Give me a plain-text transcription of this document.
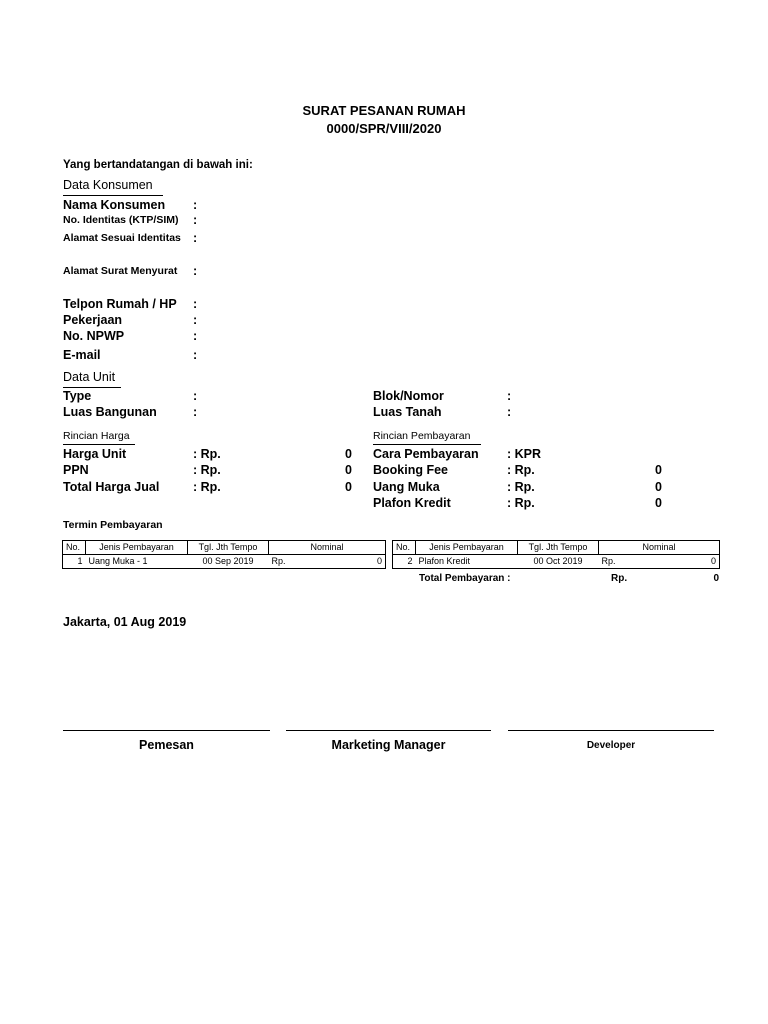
SURAT PESANAN RUMAH
0000/SPR/VIII/2020
Yang bertandatangan di bawah ini:
Data Konsumen
Nama Konsumen :
No. Identitas (KTP/SIM) :
Alamat Sesuai Identitas :
Alamat Surat Menyurat :
Telpon Rumah / HP :
Pekerjaan	:
No. NPWP	:
E-mail	:
Data Unit
Type	:
Luas Bangunan	:
Blok/Nomor	:
Luas Tanah	:
Rincian Harga
Harga Unit	: Rp.	0
PPN	: Rp.	0
Total Harga Jual	: Rp.	0
Rincian Pembayaran
Cara Pembayaran : KPR
Booking Fee	: Rp.	0
Uang Muka	: Rp.	0
Plafon Kredit	: Rp.	0
Termin Pembayaran
No.	Jenis Pembayaran	Tgl. Jth Tempo	Nominal	
1	Uang Muka - 1	00 Sep 2019	Rp.	0
No.	Jenis Pembayaran	Tgl. Jth Tempo	Nominal	
2	Plafon Kredit	00 Oct 2019	Rp.	0
Total Pembayaran :	Rp.	0
Jakarta, 01 Aug 2019
Pemesan	Marketing Manager	Developer
